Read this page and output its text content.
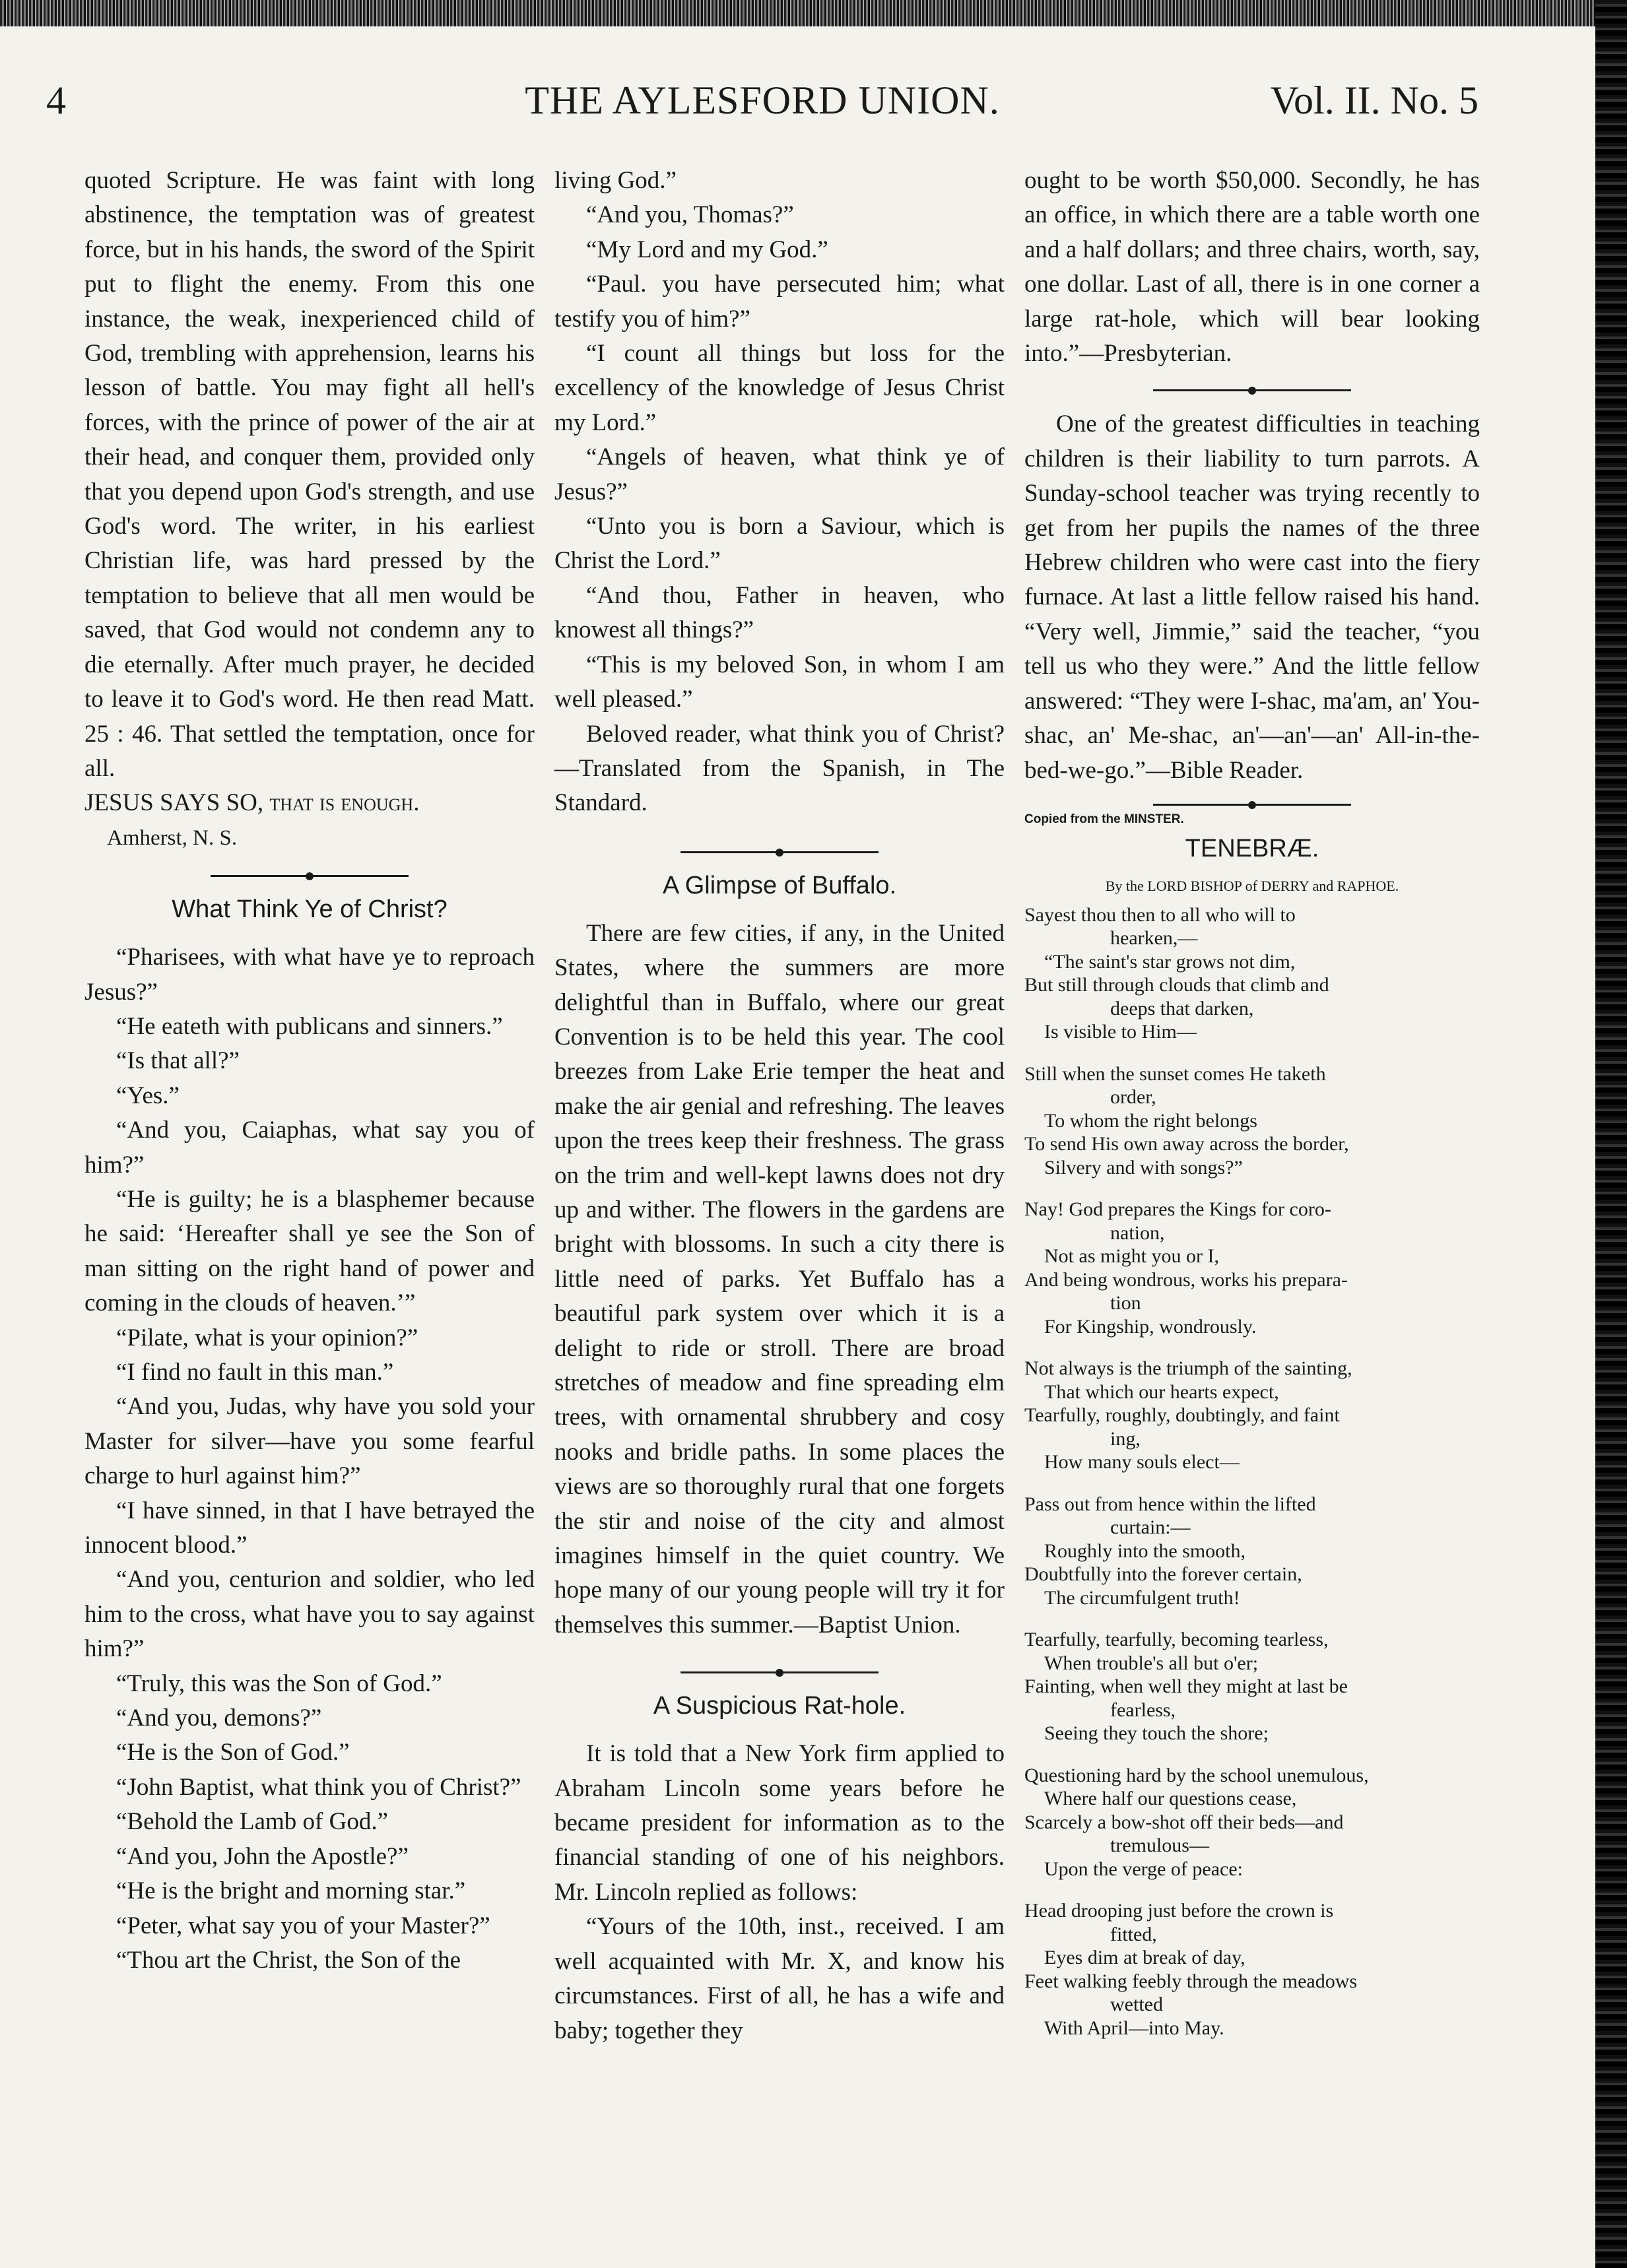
4	THE AYLESFORD UNION.	Vol. II. No. 5

quoted Scripture. He was faint with long abstinence, the temptation was of greatest force, but in his hands, the sword of the Spirit put to flight the enemy. From this one instance, the weak, inexperienced child of God, trembling with apprehension, learns his lesson of battle. You may fight all hell's forces, with the prince of power of the air at their head, and conquer them, provided only that you depend upon God's strength, and use God's word. The writer, in his earliest Christian life, was hard pressed by the temptation to believe that all men would be saved, that God would not condemn any to die eternally. After much prayer, he decided to leave it to God's word. He then read Matt. 25 : 46. That settled the temptation, once for all.

JESUS SAYS SO, that is enough.

Amherst, N. S.

What Think Ye of Christ?

“Pharisees, with what have ye to reproach Jesus?”

“He eateth with publicans and sinners.”

“Is that all?”

“Yes.”

“And you, Caiaphas, what say you of him?”

“He is guilty; he is a blasphemer because he said: ‘Hereafter shall ye see the Son of man sitting on the right hand of power and coming in the clouds of heaven.’”

“Pilate, what is your opinion?”

“I find no fault in this man.”

“And you, Judas, why have you sold your Master for silver—have you some fearful charge to hurl against him?”

“I have sinned, in that I have betrayed the innocent blood.”

“And you, centurion and soldier, who led him to the cross, what have you to say against him?”

“Truly, this was the Son of God.”

“And you, demons?”

“He is the Son of God.”

“John Baptist, what think you of Christ?”

“Behold the Lamb of God.”

“And you, John the Apostle?”

“He is the bright and morning star.”

“Peter, what say you of your Master?”

“Thou art the Christ, the Son of the

living God.”

“And you, Thomas?”

“My Lord and my God.”

“Paul. you have persecuted him; what testify you of him?”

“I count all things but loss for the excellency of the knowledge of Jesus Christ my Lord.”

“Angels of heaven, what think ye of Jesus?”

“Unto you is born a Saviour, which is Christ the Lord.”

“And thou, Father in heaven, who knowest all things?”

“This is my beloved Son, in whom I am well pleased.”

Beloved reader, what think you of Christ?—Translated from the Spanish, in The Standard.

A Glimpse of Buffalo.

There are few cities, if any, in the United States, where the summers are more delightful than in Buffalo, where our great Convention is to be held this year. The cool breezes from Lake Erie temper the heat and make the air genial and refreshing. The leaves upon the trees keep their freshness. The grass on the trim and well-kept lawns does not dry up and wither. The flowers in the gardens are bright with blossoms. In such a city there is little need of parks. Yet Buffalo has a beautiful park system over which it is a delight to ride or stroll. There are broad stretches of meadow and fine spreading elm trees, with ornamental shrubbery and cosy nooks and bridle paths. In some places the views are so thoroughly rural that one forgets the stir and noise of the city and almost imagines himself in the quiet country. We hope many of our young people will try it for themselves this summer.—Baptist Union.

A Suspicious Rat-hole.

It is told that a New York firm applied to Abraham Lincoln some years before he became president for information as to the financial standing of one of his neighbors. Mr. Lincoln replied as follows:

“Yours of the 10th, inst., received. I am well acquainted with Mr. X, and know his circumstances. First of all, he has a wife and baby; together they

ought to be worth $50,000. Secondly, he has an office, in which there are a table worth one and a half dollars; and three chairs, worth, say, one dollar. Last of all, there is in one corner a large rat-hole, which will bear looking into.”—Presbyterian.

One of the greatest difficulties in teaching children is their liability to turn parrots. A Sunday-school teacher was trying recently to get from her pupils the names of the three Hebrew children who were cast into the fiery furnace. At last a little fellow raised his hand. “Very well, Jimmie,” said the teacher, “you tell us who they were.” And the little fellow answered: “They were I-shac, ma'am, an' You-shac, an' Me-shac, an'—an'—an' All-in-the-bed-we-go.”—Bible Reader.

Copied from the MINSTER.
TENEBRÆ.
By the LORD BISHOP of DERRY and RAPHOE.
Sayest thou then to all who will to
hearken,—
“The saint's star grows not dim,
But still through clouds that climb and
deeps that darken,
Is visible to Him—
Still when the sunset comes He taketh
order,
To whom the right belongs
To send His own away across the border,
Silvery and with songs?”
Nay! God prepares the Kings for coro-
nation,
Not as might you or I,
And being wondrous, works his prepara-
tion
For Kingship, wondrously.
Not always is the triumph of the sainting,
That which our hearts expect,
Tearfully, roughly, doubtingly, and faint
ing,
How many souls elect—
Pass out from hence within the lifted
curtain:—
Roughly into the smooth,
Doubtfully into the forever certain,
The circumfulgent truth!
Tearfully, tearfully, becoming tearless,
When trouble's all but o'er;
Fainting, when well they might at last be
fearless,
Seeing they touch the shore;
Questioning hard by the school unemulous,
Where half our questions cease,
Scarcely a bow-shot off their beds—and
tremulous—
Upon the verge of peace:
Head drooping just before the crown is
fitted,
Eyes dim at break of day,
Feet walking feebly through the meadows
wetted
With April—into May.
